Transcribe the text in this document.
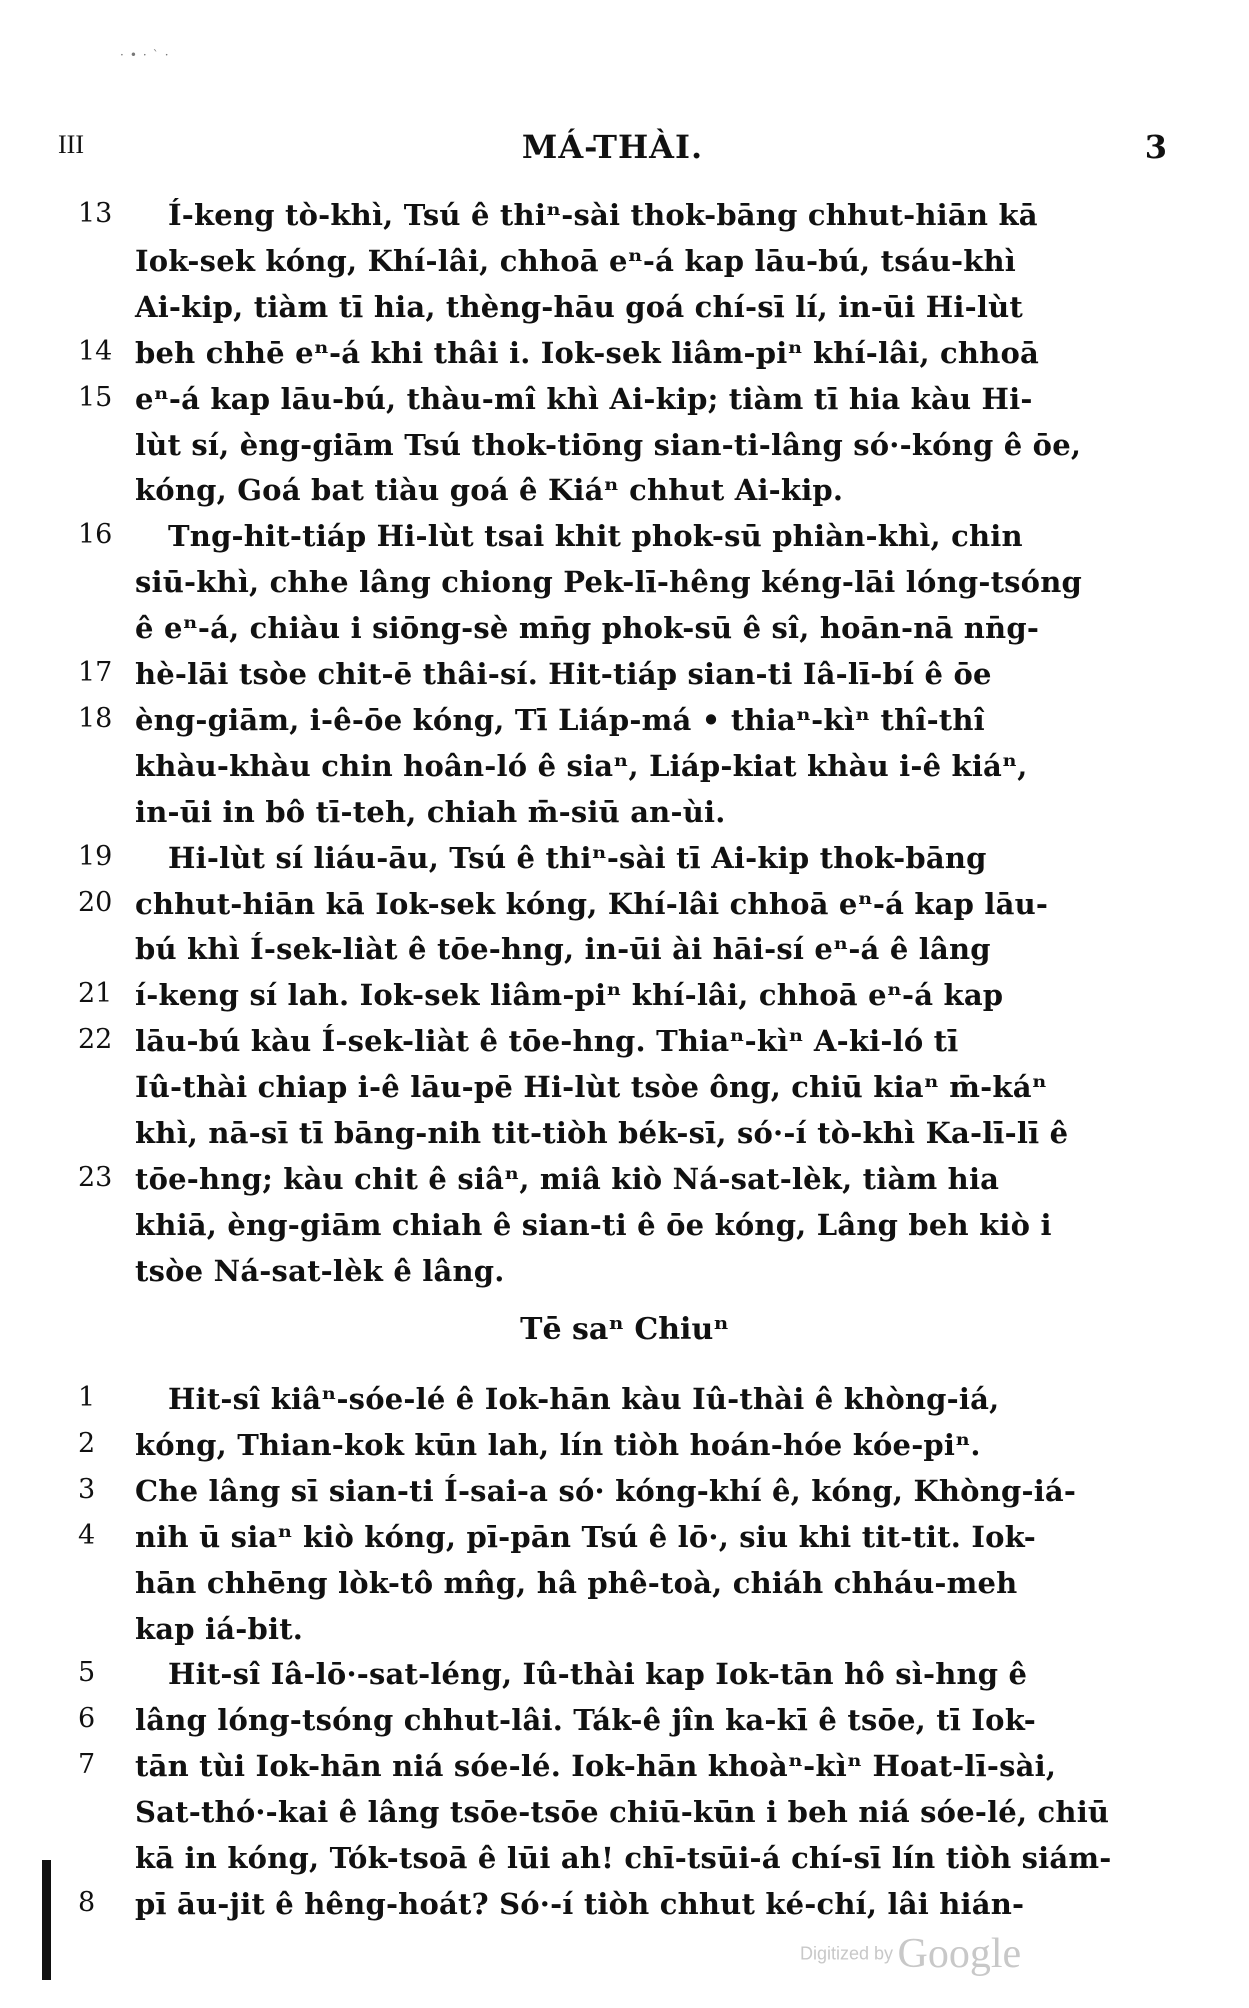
·•·`·
III	MÁ-THÀI.	3
13 Í-keng tò-khì, Tsú ê thiⁿ-sài thok-bāng chhut-hiān kā
Iok-sek kóng, Khí-lâi, chhoā eⁿ-á kap lāu-bú, tsáu-khì
Ai-kip, tiàm tī hia, thèng-hāu goá chí-sī lí, in-ūi Hi-lùt
14 beh chhē eⁿ-á khi thâi i. Iok-sek liâm-piⁿ khí-lâi, chhoā
15 eⁿ-á kap lāu-bú, thàu-mî khì Ai-kip; tiàm tī hia kàu Hi-
lùt sí, èng-giām Tsú thok-tiōng sian-ti-lâng só·-kóng ê ōe,
kóng, Goá bat tiàu goá ê Kiáⁿ chhut Ai-kip.
16 Tng-hit-tiáp Hi-lùt tsai khit phok-sū phiàn-khì, chin
siū-khì, chhe lâng chiong Pek-lī-hêng kéng-lāi lóng-tsóng
ê eⁿ-á, chiàu i siōng-sè mn̄g phok-sū ê sî, hoān-nā nn̄g-
17 hè-lāi tsòe chit-ē thâi-sí. Hit-tiáp sian-ti Iâ-lī-bí ê ōe
18 èng-giām, i-ê-ōe kóng, Tī Liáp-má • thiaⁿ-kìⁿ thî-thî
khàu-khàu chin hoân-ló ê siaⁿ, Liáp-kiat khàu i-ê kiáⁿ,
in-ūi in bô tī-teh, chiah m̄-siū an-ùi.
19 Hi-lùt sí liáu-āu, Tsú ê thiⁿ-sài tī Ai-kip thok-bāng
20 chhut-hiān kā Iok-sek kóng, Khí-lâi chhoā eⁿ-á kap lāu-
bú khì Í-sek-liàt ê tōe-hng, in-ūi ài hāi-sí eⁿ-á ê lâng
21 í-keng sí lah. Iok-sek liâm-piⁿ khí-lâi, chhoā eⁿ-á kap
22 lāu-bú kàu Í-sek-liàt ê tōe-hng. Thiaⁿ-kìⁿ A-ki-ló tī
Iû-thài chiap i-ê lāu-pē Hi-lùt tsòe ông, chiū kiaⁿ m̄-káⁿ
khì, nā-sī tī bāng-nih tit-tiòh bék-sī, só·-í tò-khì Ka-lī-lī ê
23 tōe-hng; kàu chit ê siâⁿ, miâ kiò Ná-sat-lèk, tiàm hia
khiā, èng-giām chiah ê sian-ti ê ōe kóng, Lâng beh kiò i
tsòe Ná-sat-lèk ê lâng.
Tē saⁿ Chiuⁿ
1	Hit-sî kiâⁿ-sóe-lé ê Iok-hān kàu Iû-thài ê khòng-iá,
2 kóng, Thian-kok kūn lah, lín tiòh hoán-hóe kóe-piⁿ.
3 Che lâng sī sian-ti Í-sai-a só· kóng-khí ê, kóng, Khòng-iá-
4 nih ū siaⁿ kiò kóng, pī-pān Tsú ê lō·, siu khi tit-tit. Iok-
hān chhēng lòk-tô mn̂g, hâ phê-toà, chiáh chháu-meh
kap iá-bit.
5	Hit-sî Iâ-lō·-sat-léng, Iû-thài kap Iok-tān hô sì-hng ê
6 lâng lóng-tsóng chhut-lâi. Ták-ê jîn ka-kī ê tsōe, tī Iok-
7 tān tùi Iok-hān niá sóe-lé. Iok-hān khoàⁿ-kìⁿ Hoat-lī-sài,
Sat-thó·-kai ê lâng tsōe-tsōe chiū-kūn i beh niá sóe-lé, chiū
kā in kóng, Tók-tsoā ê lūi ah! chī-tsūi-á chí-sī lín tiòh siám-
8 pī āu-jit ê hêng-hoát? Só·-í tiòh chhut ké-chí, lâi hián-
Digitized by Google
